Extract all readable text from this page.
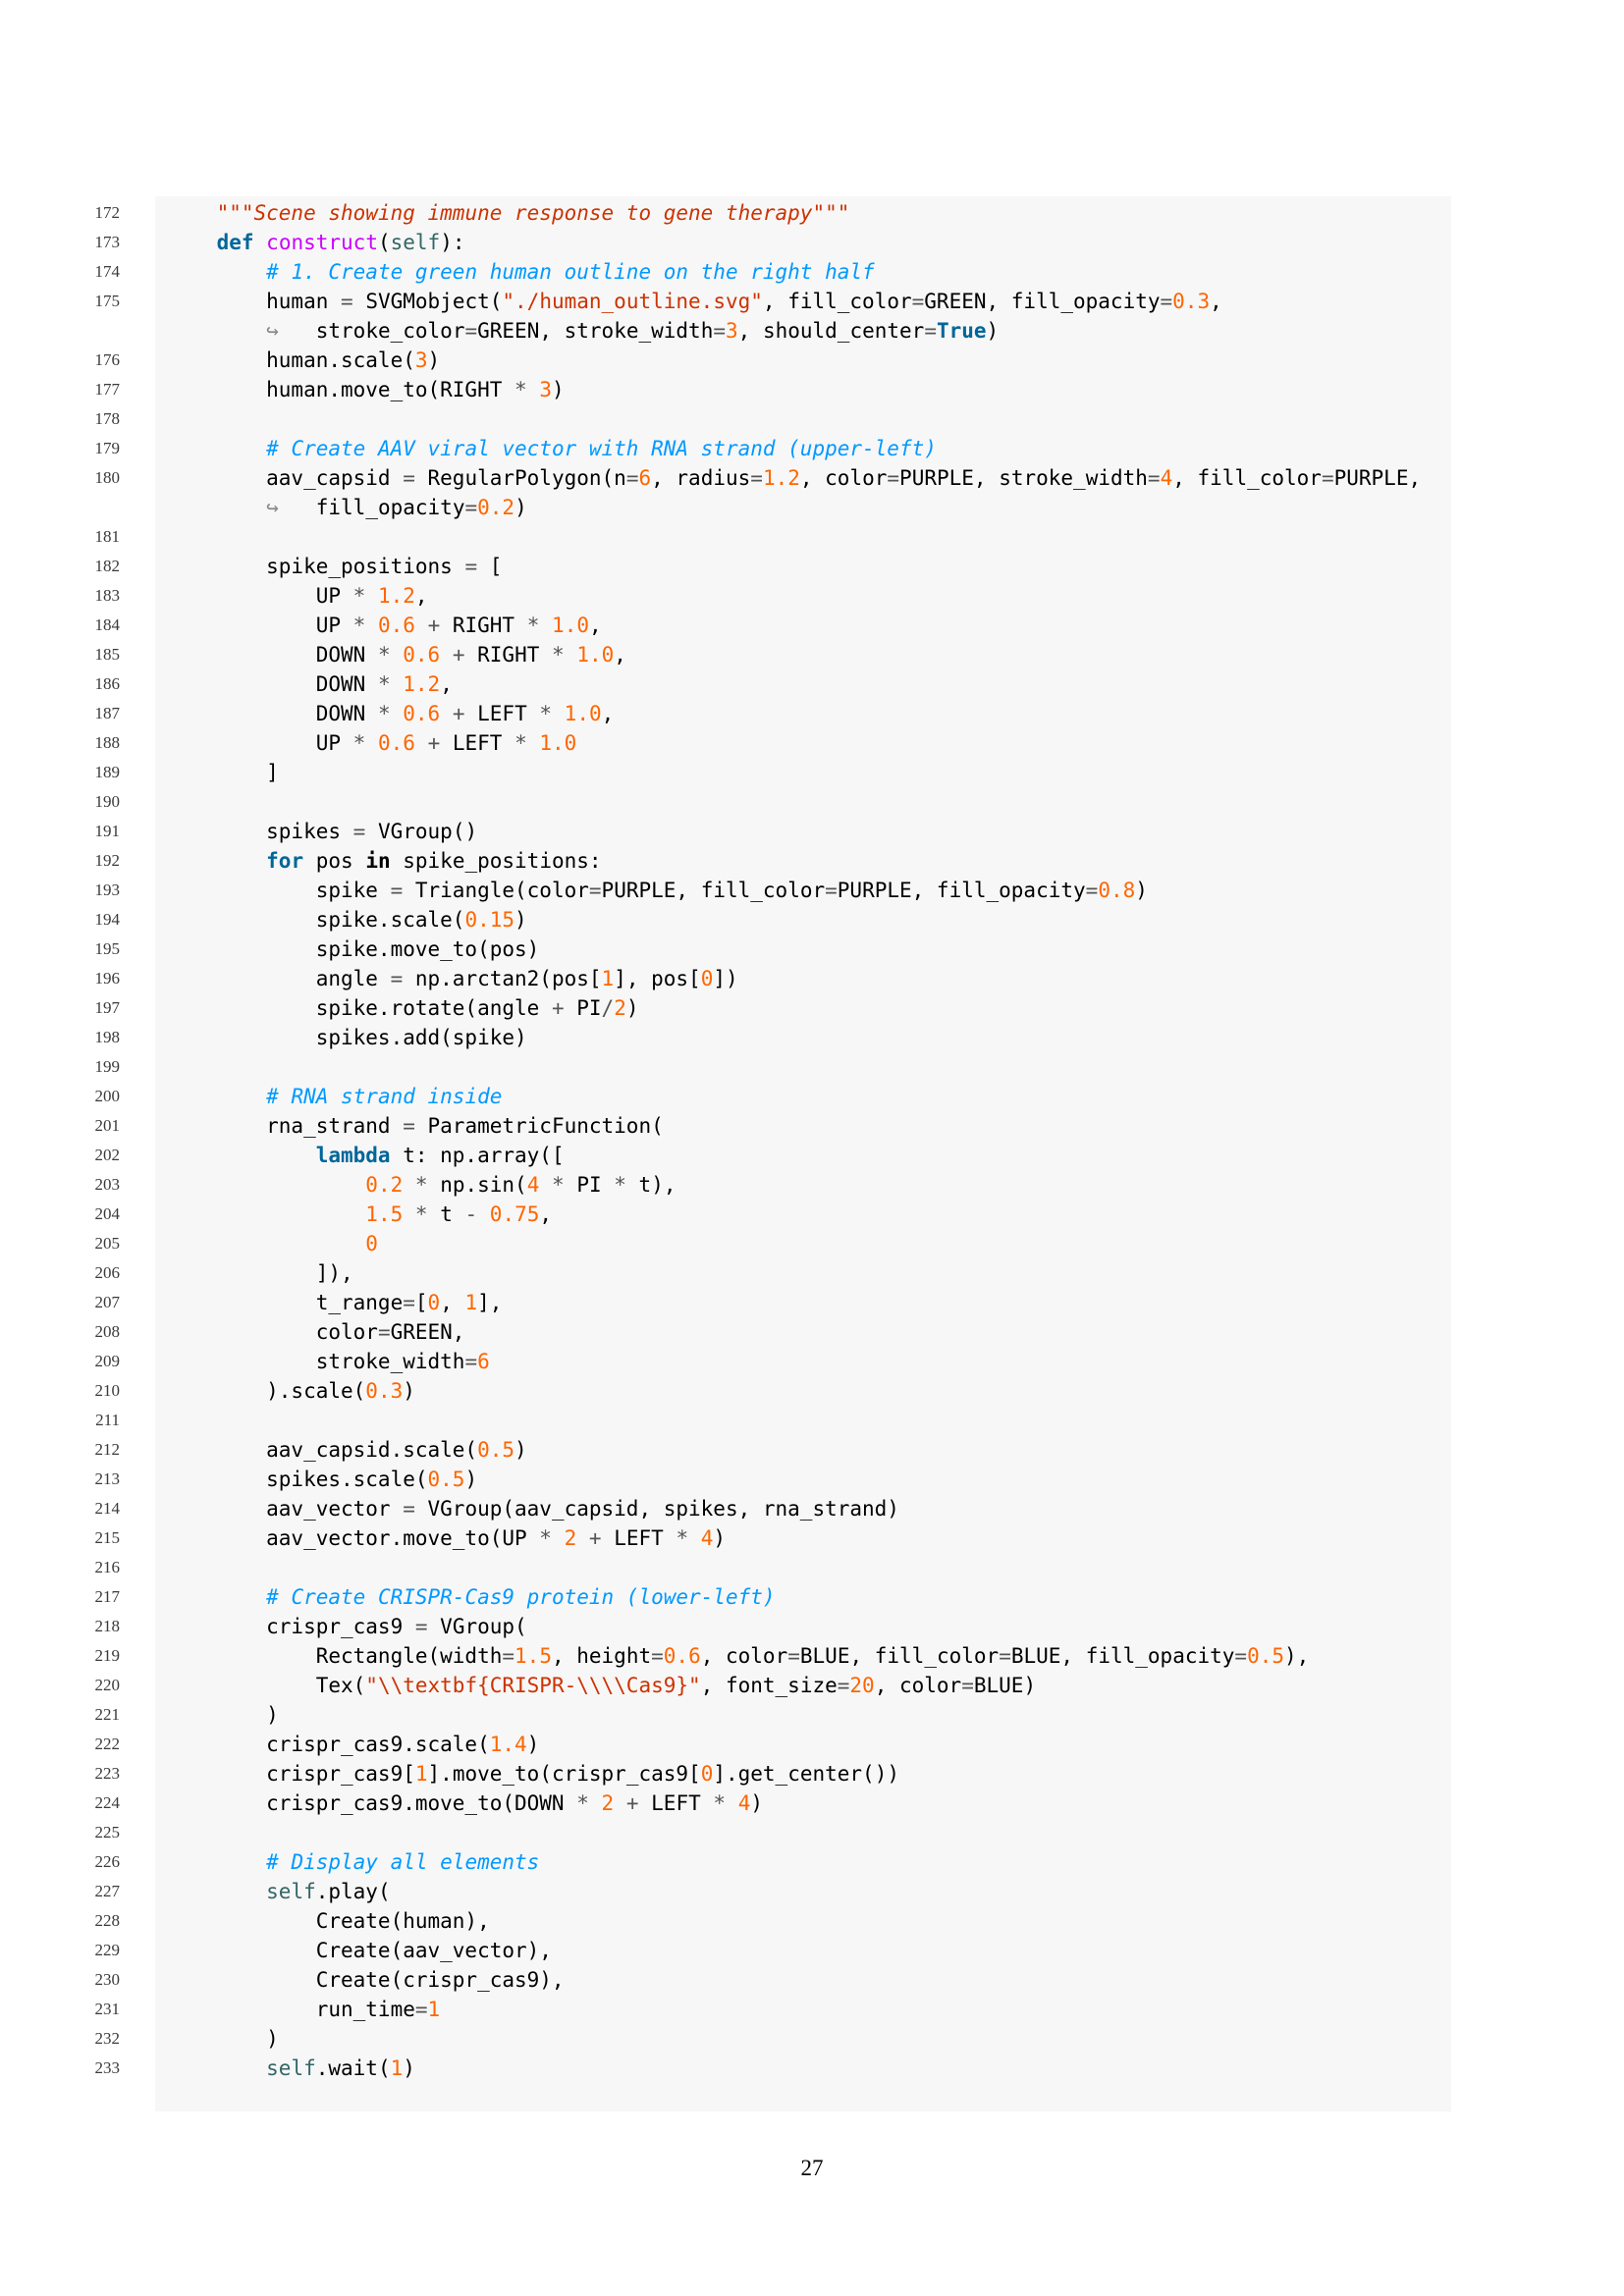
172	"""Scene showing immune response to gene therapy"""
173	def construct(self):
174	# 1. Create green human outline on the right half
175	human = SVGMobject("./human_outline.svg", fill_color=GREEN, fill_opacity=0.3,
↪   stroke_color=GREEN, stroke_width=3, should_center=True)
176	human.scale(3)
177	human.move_to(RIGHT * 3)
178
179	# Create AAV viral vector with RNA strand (upper-left)
180	aav_capsid = RegularPolygon(n=6, radius=1.2, color=PURPLE, stroke_width=4, fill_color=PURPLE,
↪   fill_opacity=0.2)
181
182	spike_positions = [
183	UP * 1.2,
184	UP * 0.6 + RIGHT * 1.0,
185	DOWN * 0.6 + RIGHT * 1.0,
186	DOWN * 1.2,
187	DOWN * 0.6 + LEFT * 1.0,
188	UP * 0.6 + LEFT * 1.0
189	]
190
191	spikes = VGroup()
192	for pos in spike_positions:
193	spike = Triangle(color=PURPLE, fill_color=PURPLE, fill_opacity=0.8)
194	spike.scale(0.15)
195	spike.move_to(pos)
196	angle = np.arctan2(pos[1], pos[0])
197	spike.rotate(angle + PI/2)
198	spikes.add(spike)
199
200	# RNA strand inside
201	rna_strand = ParametricFunction(
202	lambda t: np.array([
203	0.2 * np.sin(4 * PI * t),
204	1.5 * t - 0.75,
205	0
206	]),
207	t_range=[0, 1],
208	color=GREEN,
209	stroke_width=6
210	).scale(0.3)
211
212	aav_capsid.scale(0.5)
213	spikes.scale(0.5)
214	aav_vector = VGroup(aav_capsid, spikes, rna_strand)
215	aav_vector.move_to(UP * 2 + LEFT * 4)
216
217	# Create CRISPR-Cas9 protein (lower-left)
218	crispr_cas9 = VGroup(
219	Rectangle(width=1.5, height=0.6, color=BLUE, fill_color=BLUE, fill_opacity=0.5),
220	Tex("\\textbf{CRISPR-\\\\Cas9}", font_size=20, color=BLUE)
221	)
222	crispr_cas9.scale(1.4)
223	crispr_cas9[1].move_to(crispr_cas9[0].get_center())
224	crispr_cas9.move_to(DOWN * 2 + LEFT * 4)
225
226	# Display all elements
227	self.play(
228	Create(human),
229	Create(aav_vector),
230	Create(crispr_cas9),
231	run_time=1
232	)
233	self.wait(1)
27
